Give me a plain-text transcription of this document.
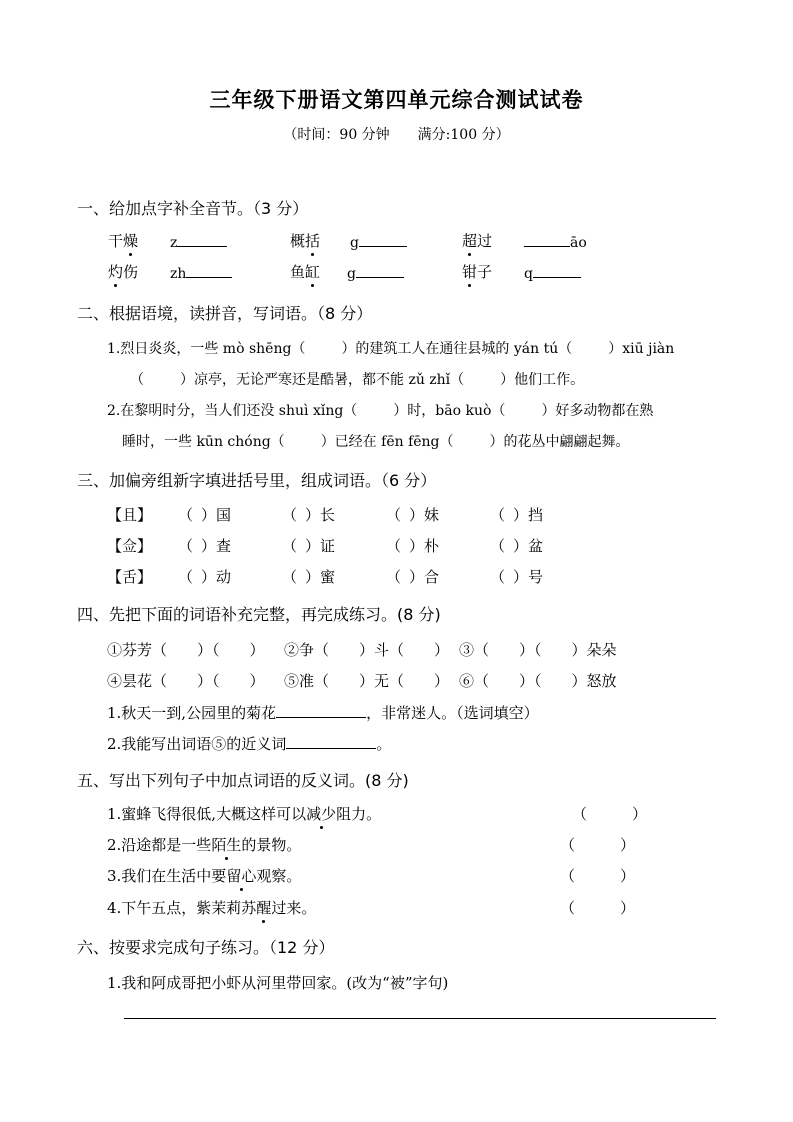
三年级下册语文第四单元综合测试试卷
（时间：90 分钟　　满分:100 分）
一、给加点字补全音节。（3 分）
干燥 z	概括 g	超过	āo
灼伤 zh	鱼缸 g	钳子 q
二、根据语境，读拼音，写词语。（8 分）
1.烈日炎炎，一些 mò shēng（	）的建筑工人在通往县城的 yán tú（	）xiū jiàn
（	）凉亭，无论严寒还是酷暑，都不能 zǔ zhǐ（	）他们工作。
2.在黎明时分，当人们还没 shuì xǐng（	）时，bāo kuò（	）好多动物都在熟
睡时，一些 kūn chóng（	）已经在 fēn fēng（	）的花丛中翩翩起舞。
三、加偏旁组新字填进括号里，组成词语。（6 分）
【且】 （ ）国	（ ）长	（ ）妹	（ ）挡
【佥】 （ ）查	（ ）证	（ ）朴	（ ）盆
【舌】 （ ）动	（ ）蜜	（ ）合	（ ）号
四、先把下面的词语补充完整，再完成练习。(8 分)
①芬芳（　　）（　　） ②争（　　）斗（　　） ③（　　）（　　）朵朵
④昙花（　　）（　　） ⑤准（　　）无（　　） ⑥（　　）（　　）怒放
1.秋天一到,公园里的菊花	，非常迷人。（选词填空）
2.我能写出词语⑤的近义词	。
五、写出下列句子中加点词语的反义词。(8 分)
1.蜜蜂飞得很低,大概这样可以减少阻力。	（　　　）
2.沿途都是一些陌生的景物。	（　　　）
3.我们在生活中要留心观察。	（　　　）
4.下午五点，紫茉莉苏醒过来。	（　　　）
六、按要求完成句子练习。（12 分）
1.我和阿成哥把小虾从河里带回家。(改为“被”字句)
